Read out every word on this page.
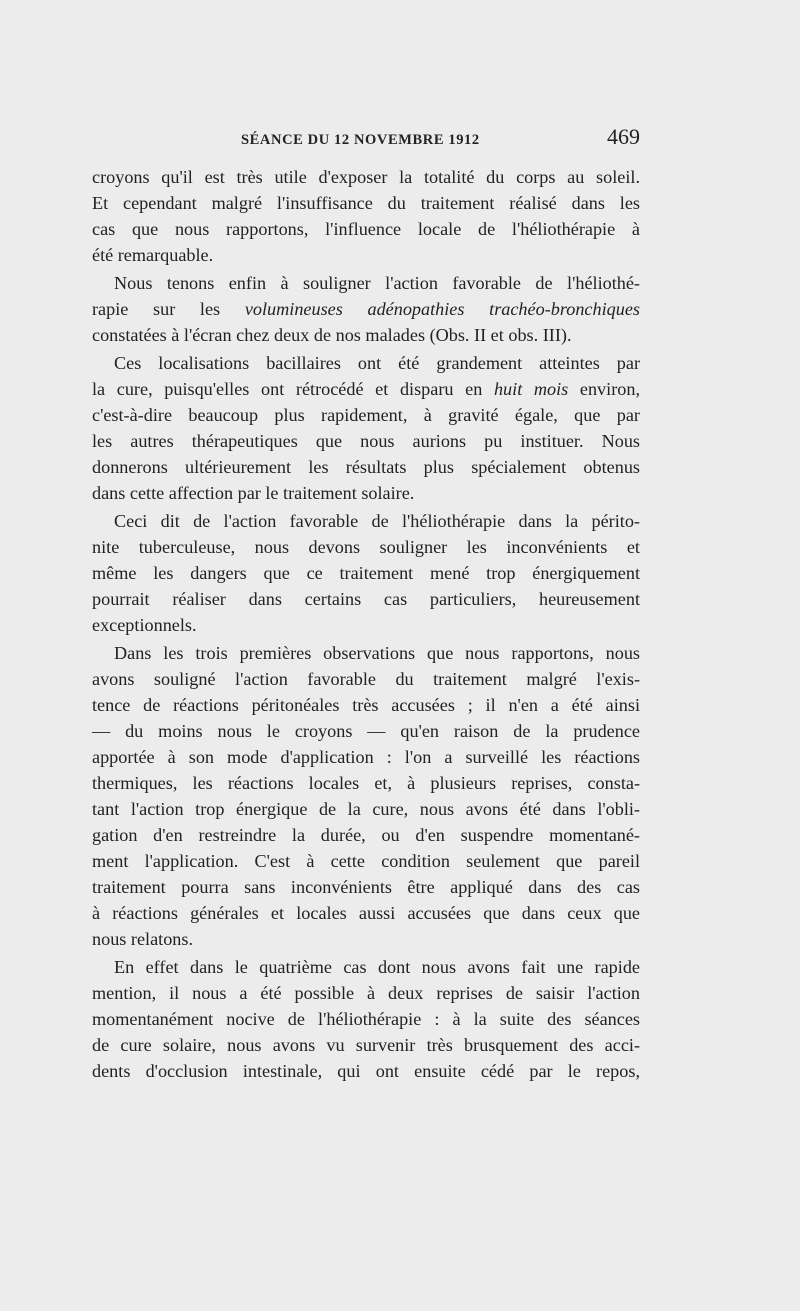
SÉANCE DU 12 NOVEMBRE 1912	469
croyons qu'il est très utile d'exposer la totalité du corps au soleil.
Et cependant malgré l'insuffisance du traitement réalisé dans les
cas que nous rapportons, l'influence locale de l'héliothérapie à
été remarquable.
Nous tenons enfin à souligner l'action favorable de l'héliothé-
rapie sur les volumineuses adénopathies trachéo-bronchiques
constatées à l'écran chez deux de nos malades (Obs. II et obs. III).
Ces localisations bacillaires ont été grandement atteintes par
la cure, puisqu'elles ont rétrocédé et disparu en huit mois environ,
c'est-à-dire beaucoup plus rapidement, à gravité égale, que par
les autres thérapeutiques que nous aurions pu instituer. Nous
donnerons ultérieurement les résultats plus spécialement obtenus
dans cette affection par le traitement solaire.
Ceci dit de l'action favorable de l'héliothérapie dans la périto-
nite tuberculeuse, nous devons souligner les inconvénients et
même les dangers que ce traitement mené trop énergiquement
pourrait réaliser dans certains cas particuliers, heureusement
exceptionnels.
Dans les trois premières observations que nous rapportons, nous
avons souligné l'action favorable du traitement malgré l'exis-
tence de réactions péritonéales très accusées ; il n'en a été ainsi
— du moins nous le croyons — qu'en raison de la prudence
apportée à son mode d'application : l'on a surveillé les réactions
thermiques, les réactions locales et, à plusieurs reprises, consta-
tant l'action trop énergique de la cure, nous avons été dans l'obli-
gation d'en restreindre la durée, ou d'en suspendre momentané-
ment l'application. C'est à cette condition seulement que pareil
traitement pourra sans inconvénients être appliqué dans des cas
à réactions générales et locales aussi accusées que dans ceux que
nous relatons.
En effet dans le quatrième cas dont nous avons fait une rapide
mention, il nous a été possible à deux reprises de saisir l'action
momentanément nocive de l'héliothérapie : à la suite des séances
de cure solaire, nous avons vu survenir très brusquement des acci-
dents d'occlusion intestinale, qui ont ensuite cédé par le repos,
